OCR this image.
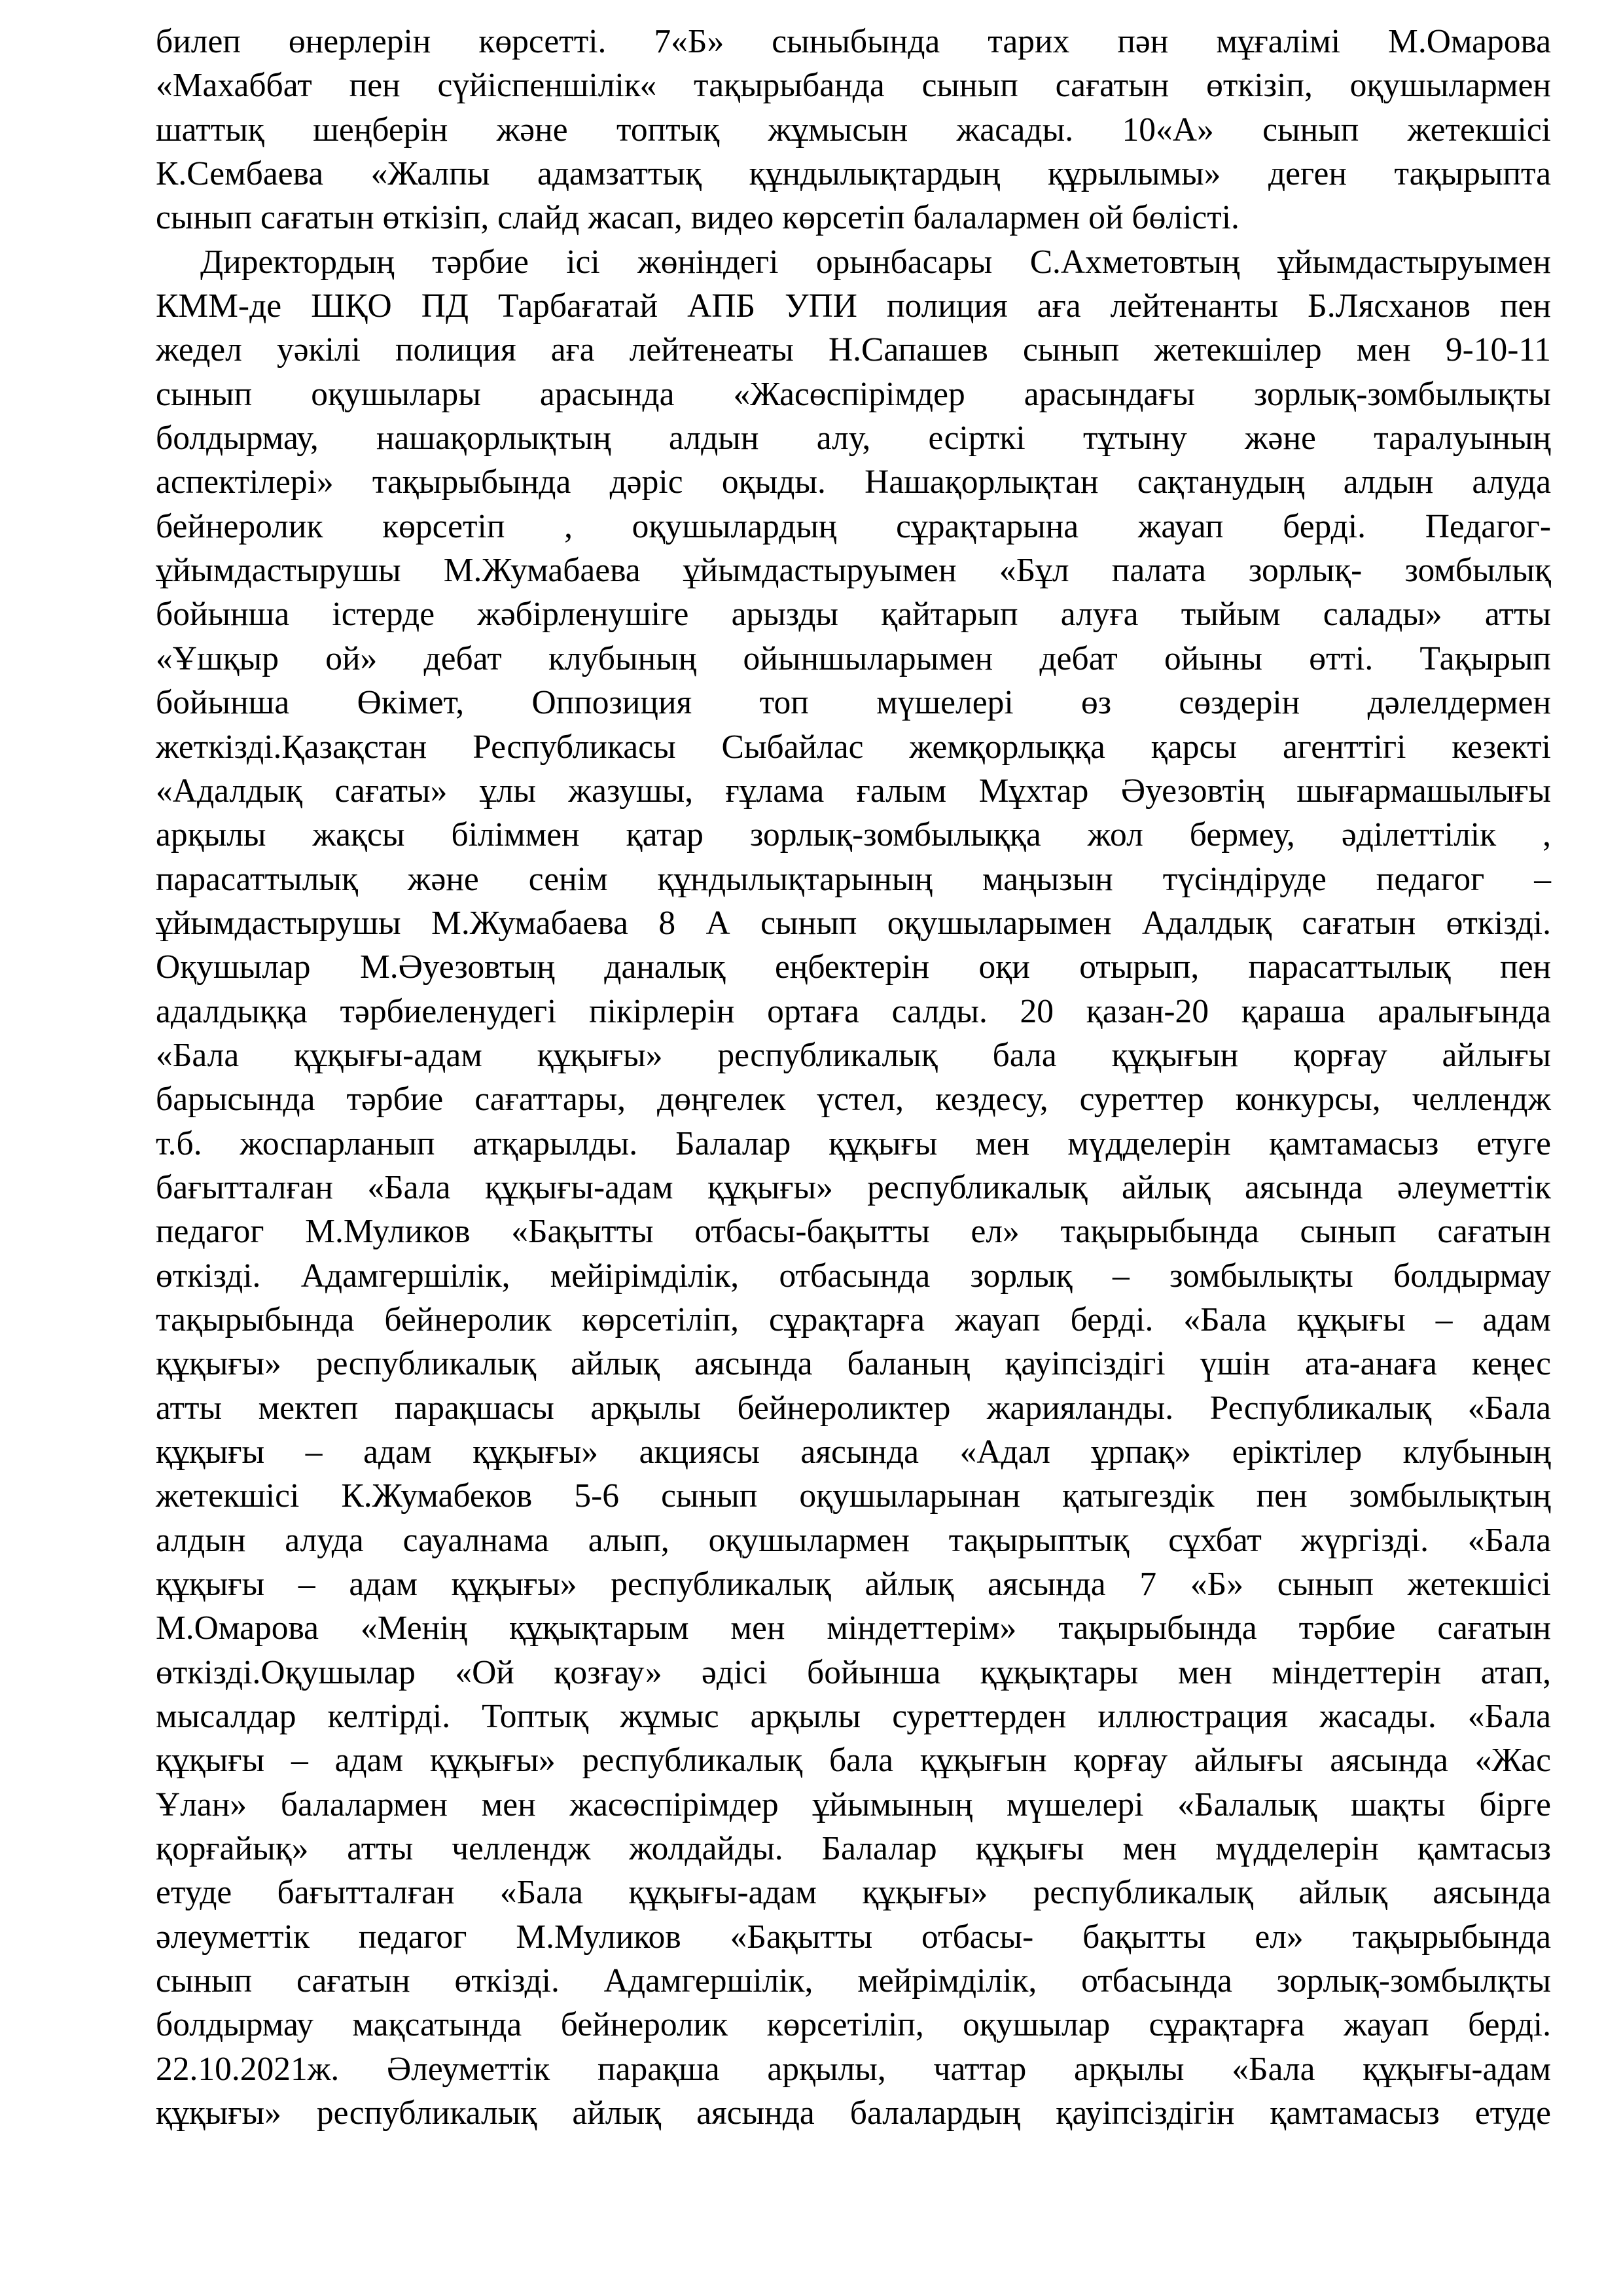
билеп өнерлерін көрсетті. 7«Б» сыныбында тарих пән мұғалімі М.Омарова
«Махаббат пен сүйіспеншілік« тақырыбанда сынып сағатын өткізіп, оқушылармен
шаттық шеңберін және топтық жұмысын жасады. 10«А» сынып жетекшісі
К.Сембаева «Жалпы адамзаттық құндылықтардың құрылымы» деген тақырыпта
сынып сағатын өткізіп, слайд жасап, видео көрсетіп балалармен ой бөлісті.
Директордың тәрбие ісі жөніндегі орынбасары С.Ахметовтың ұйымдастыруымен
КММ-де ШҚО ПД Тарбағатай АПБ УПИ полиция аға лейтенанты Б.Лясханов пен
жедел уәкілі полиция аға лейтенеаты Н.Сапашев сынып жетекшілер мен 9-10-11
сынып оқушылары арасында «Жасөспірімдер арасындағы зорлық-зомбылықты
болдырмау, нашақорлықтың алдын алу, есірткі тұтыну және таралуының
аспектілері» тақырыбында дәріс оқыды. Нашақорлықтан сақтанудың алдын алуда
бейнеролик көрсетіп , оқушылардың сұрақтарына жауап берді. Педагог-
ұйымдастырушы М.Жумабаева ұйымдастыруымен «Бұл палата зорлық- зомбылық
бойынша істерде жәбірленушіге арызды қайтарып алуға тыйым салады» атты
«Ұшқыр ой» дебат клубының ойыншыларымен дебат ойыны өтті. Тақырып
бойынша Өкімет, Оппозиция топ мүшелері өз сөздерін дәлелдермен
жеткізді.Қазақстан Республикасы Сыбайлас жемқорлыққа қарсы агенттігі кезекті
«Адалдық сағаты» ұлы жазушы, ғұлама ғалым Мұхтар Әуезовтің шығармашылығы
арқылы жақсы біліммен қатар зорлық-зомбылыққа жол бермеу, әділеттілік ,
парасаттылық және сенім құндылықтарының маңызын түсіндіруде педагог –
ұйымдастырушы М.Жумабаева 8 А сынып оқушыларымен Адалдық сағатын өткізді.
Оқушылар М.Әуезовтың даналық еңбектерін оқи отырып, парасаттылық пен
адалдыққа тәрбиеленудегі пікірлерін ортаға салды. 20 қазан-20 қараша аралығында
«Бала құқығы-адам құқығы» республикалық бала құқығын қорғау айлығы
барысында тәрбие сағаттары, дөңгелек үстел, кездесу, суреттер конкурсы, челлендж
т.б. жоспарланып атқарылды. Балалар құқығы мен мүдделерін қамтамасыз етуге
бағытталған «Бала құқығы-адам құқығы» республикалық айлық аясында әлеуметтік
педагог М.Муликов «Бақытты отбасы-бақытты ел» тақырыбында сынып сағатын
өткізді. Адамгершілік, мейірімділік, отбасында зорлық – зомбылықты болдырмау
тақырыбында бейнеролик көрсетіліп, сұрақтарға жауап берді. «Бала құқығы – адам
құқығы» республикалық айлық аясында баланың қауіпсіздігі үшін ата-анаға кеңес
атты мектеп парақшасы арқылы бейнероликтер жарияланды. Республикалық «Бала
құқығы – адам құқығы» акциясы аясында «Адал ұрпақ» еріктілер клубының
жетекшісі К.Жумабеков 5-6 сынып оқушыларынан қатыгездік пен зомбылықтың
алдын алуда сауалнама алып, оқушылармен тақырыптық сұхбат жүргізді. «Бала
құқығы – адам құқығы» республикалық айлық аясында 7 «Б» сынып жетекшісі
М.Омарова «Менің құқықтарым мен міндеттерім» тақырыбында тәрбие сағатын
өткізді.Оқушылар «Ой қозғау» әдісі бойынша құқықтары мен міндеттерін атап,
мысалдар келтірді. Топтық жұмыс арқылы суреттерден иллюстрация жасады. «Бала
құқығы – адам құқығы» республикалық бала құқығын қорғау айлығы аясында «Жас
Ұлан» балалармен мен жасөспірімдер ұйымының мүшелері «Балалық шақты бірге
қорғайық» атты челлендж жолдайды. Балалар құқығы мен мүдделерін қамтасыз
етуде бағытталған «Бала құқығы-адам құқығы» республикалық айлық аясында
әлеуметтік педагог М.Муликов «Бақытты отбасы- бақытты ел» тақырыбында
сынып сағатын өткізді. Адамгершілік, мейрімділік, отбасында зорлық-зомбылқты
болдырмау мақсатында бейнеролик көрсетіліп, оқушылар сұрақтарға жауап берді.
22.10.2021ж. Әлеуметтік парақша арқылы, чаттар арқылы «Бала құқығы-адам
құқығы» республикалық айлық аясында балалардың қауіпсіздігін қамтамасыз етуде
